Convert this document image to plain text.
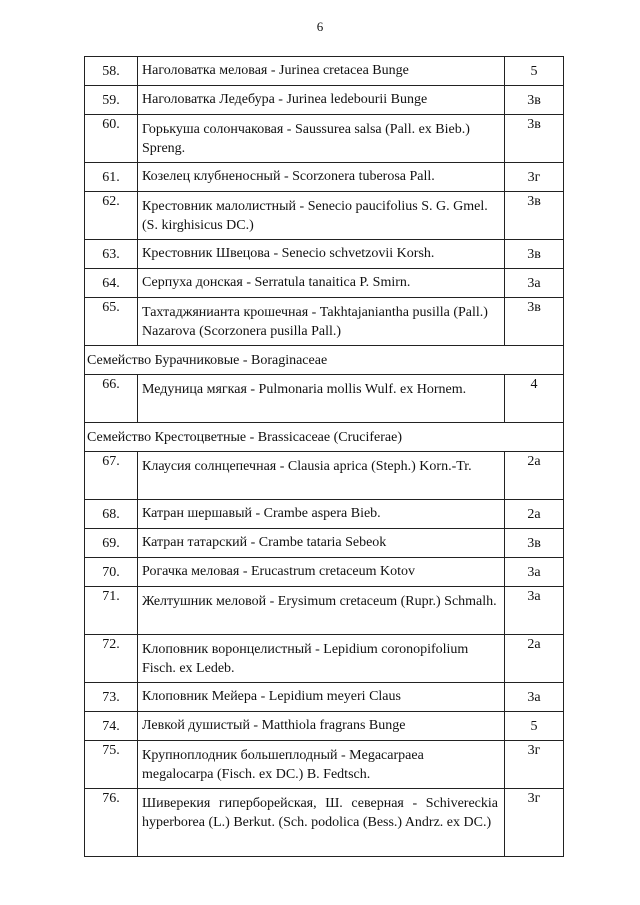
6
58.	Наголоватка меловая - Jurinea cretacea Bunge	5
59.	Наголоватка Ледебура - Jurinea ledebourii Bunge	3в
60.	Горькуша солончаковая - Saussurea salsa (Pall. ex Bieb.) Spreng.	3в
61.	Козелец клубненосный - Scorzonera tuberosa Pall.	3г
62.	Крестовник малолистный - Senecio paucifolius S. G. Gmel.(S. kirghisicus DC.)	3в
63.	Крестовник Швецова - Senecio schvetzovii Korsh.	3в
64.	Серпуха донская - Serratula tanaitica P. Smirn.	3а
65.	Тахтаджянианта крошечная - Takhtajaniantha pusilla (Pall.) Nazarova (Scorzonera pusilla Pall.)	3в
Семейство Бурачниковые - Boraginaceae		
66.	Медуница мягкая - Pulmonaria mollis Wulf. ex Hornem.	4
Семейство Крестоцветные - Brassicaceae (Cruciferae)		
67.	Клаусия солнцепечная - Clausia aprica (Steph.) Korn.-Tr.	2а
68.	Катран шершавый - Crambe aspera Bieb.	2а
69.	Катран татарский - Crambe tataria Sebeok	3в
70.	Рогачка меловая - Erucastrum cretaceum Kotov	3а
71.	Желтушник меловой - Erysimum cretaceum (Rupr.) Schmalh.	3а
72.	Клоповник воронцелистный - Lepidium coronopifolium Fisch. ex Ledeb.	2а
73.	Клоповник Мейера - Lepidium meyeri Claus	3а
74.	Левкой душистый - Matthiola fragrans Bunge	5
75.	Крупноплодник большеплодный - Megacarpaea megalocarpa (Fisch. ex DC.) B. Fedtsch.	3г
76.	Шиверекия гиперборейская, Ш. северная - Schivereckia hyperborea (L.) Berkut. (Sch. podolica (Bess.) Andrz. ex DC.)	3г
